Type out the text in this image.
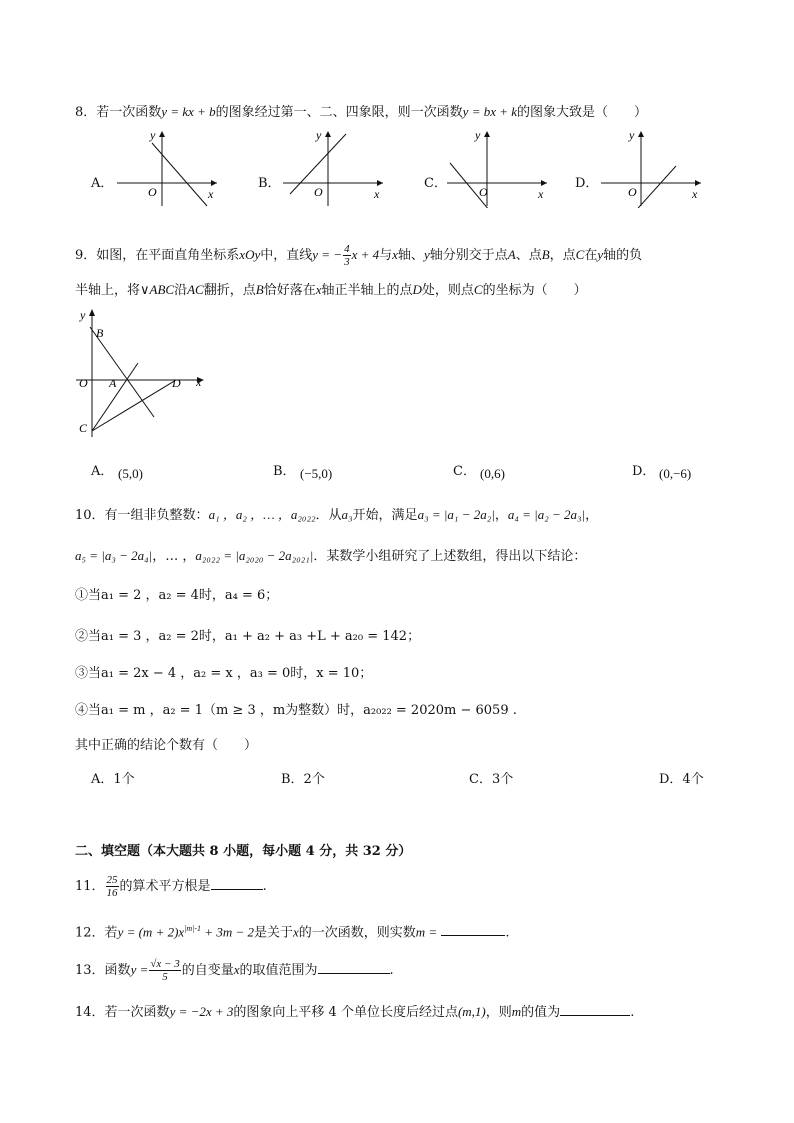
8．若一次函数y = kx + b的图象经过第一、二、四象限，则一次函数y = bx + k的图象大致是（　　）
A．	B．	C．	D．
y
x
O
y
x
O
y
x
O
y
x
O
9．如图，在平面直角坐标系xOy中，直线y = − $\frac{4}{3}$ x + 4与x轴、y轴分别交于点A、点B，点C在y轴的负
半轴上，将∨ABC沿AC翻折，点B恰好落在x轴正半轴上的点D处，则点C的坐标为（　　）
y
B
O A	D x
C
A． (5,0)	B． (−5,0)	C． (0,6)	D． (0,−6)
10．有一组非负整数：a₁ ，a₂ ，… ，a₂₀₂₂．从a₃开始，满足a₃ = |a₁ − 2a₂|，a₄ = |a₂ − 2a₃|，
a₅ = |a₃ − 2a₄|，… ，a₂₀₂₂ = |a₂₀₂₀ − 2a₂₀₂₁|．某数学小组研究了上述数组，得出以下结论：
①当a₁ = 2 ，a₂ = 4时，a₄ = 6；
②当a₁ = 3 ，a₂ = 2时，a₁ + a₂ + a₃ +L + a₂₀ = 142；
③当a₁ = 2x − 4 ，a₂ = x ，a₃ = 0时，x = 10；
④当a₁ = m ，a₂ = 1（m ≥ 3 ，m为整数）时，a₂₀₂₂ = 2020m − 6059 .
其中正确的结论个数有（　　）
A．1个	B．2个	C．3个	D．4个
二、填空题（本大题共 8 小题，每小题 4 分，共 32 分）
11． $\frac{25}{16}$ 的算术平方根是	.
12．若$y = (m + 2)x^{|m|-1} + 3m - 2$是关于x的一次函数，则实数m =	.
13．函数$y = \frac{√x - 3}{5}$ 的自变量x的取值范围为	.
14．若一次函数y = −2x + 3的图象向上平移 4 个单位长度后经过点(m,1)，则m的值为	.
